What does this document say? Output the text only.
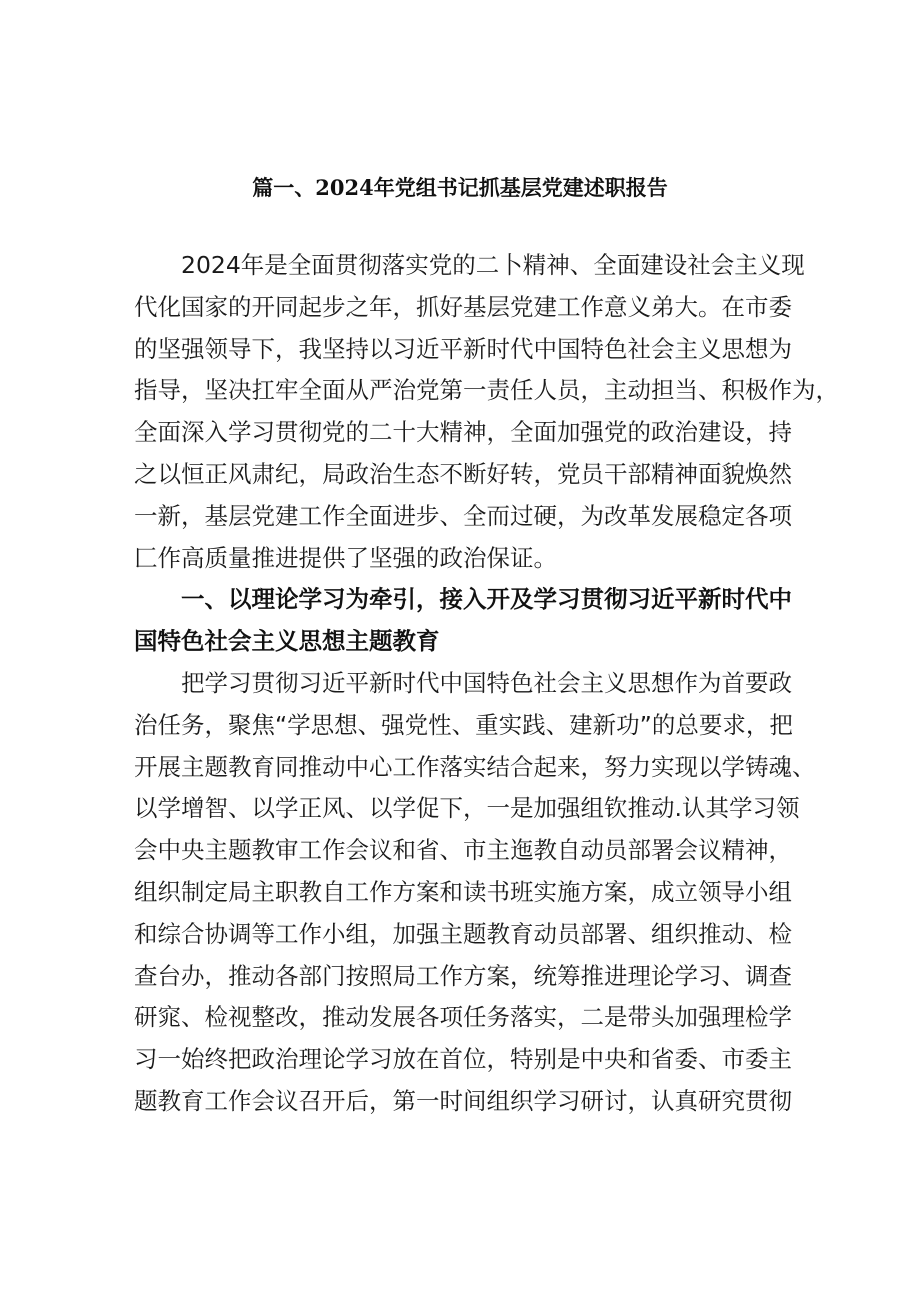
篇一、2024年党组书记抓基层党建述职报告
2024年是全面贯彻落实党的二卜精神、全面建设社会主义现
代化国家的开同起步之年，抓好基层党建工作意义弟大。在市委
的坚强领导下，我坚持以习近平新时代中国特色社会主义思想为
指导，坚决扛牢全面从严治党第一责任人员，主动担当、积极作为，
全面深入学习贯彻党的二十大精神，全面加强党的政治建设，持
之以恒正风肃纪，局政治生态不断好转，党员干部精神面貌焕然
一新，基层党建工作全面进步、全而过硬，为改革发展稳定各项
匚作高质量推进提供了坚强的政治保证。
一、以理论学习为牵引，接入开及学习贯彻习近平新时代中
国特色社会主义思想主题教育
把学习贯彻习近平新时代中国特色社会主义思想作为首要政
治任务，聚焦“学思想、强党性、重实践、建新功”的总要求，把
开展主题教育同推动中心工作落实结合起来，努力实现以学铸魂、
以学增智、以学正风、以学促下，一是加强组钦推动.认其学习领
会中央主题教审工作会议和省、市主迤教自动员部署会议精神，
组织制定局主职教自工作方案和读书班实施方案，成立领导小组
和综合协调等工作小组，加强主题教育动员部署、组织推动、检
查台办，推动各部门按照局工作方案，统筹推进理论学习、调查
研窕、检视整改，推动发展各项任务落实，二是带头加强理检学
习一始终把政治理论学习放在首位，特别是中央和省委、市委主
题教育工作会议召开后，第一时间组织学习研讨，认真研究贯彻
